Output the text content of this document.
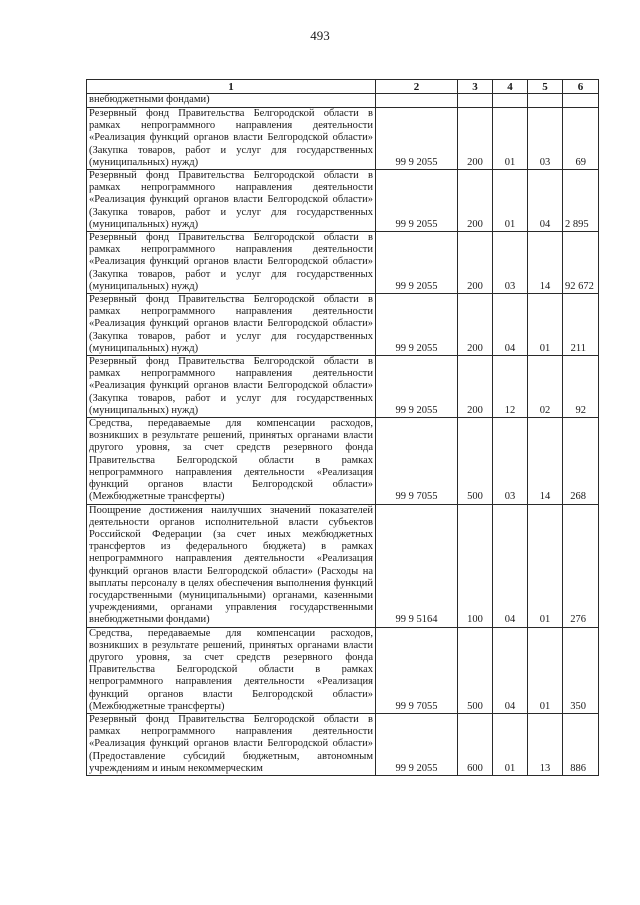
493
1	2	3	4	5	6
внебюджетными фондами)					
Резервный фонд Правительства Белгородской области в рамках непрограммного направления деятельности «Реализация функций органов власти Белгородской области» (Закупка товаров, работ и услуг для государственных (муниципальных) нужд)	99 9 2055	200	01	03	69
Резервный фонд Правительства Белгородской области в рамках непрограммного направления деятельности «Реализация функций органов власти Белгородской области» (Закупка товаров, работ и услуг для государственных (муниципальных) нужд)	99 9 2055	200	01	04	2 895
Резервный фонд Правительства Белгородской области в рамках непрограммного направления деятельности «Реализация функций органов власти Белгородской области» (Закупка товаров, работ и услуг для государственных (муниципальных) нужд)	99 9 2055	200	03	14	92 672
Резервный фонд Правительства Белгородской области в рамках непрограммного направления деятельности «Реализация функций органов власти Белгородской области» (Закупка товаров, работ и услуг для государственных (муниципальных) нужд)	99 9 2055	200	04	01	211
Резервный фонд Правительства Белгородской области в рамках непрограммного направления деятельности «Реализация функций органов власти Белгородской области» (Закупка товаров, работ и услуг для государственных (муниципальных) нужд)	99 9 2055	200	12	02	92
Средства, передаваемые для компенсации расходов, возникших в результате решений, принятых органами власти другого уровня, за счет средств резервного фонда Правительства Белгородской области в рамках непрограммного направления деятельности «Реализация функций органов власти Белгородской области» (Межбюджетные трансферты)	99 9 7055	500	03	14	268
Поощрение достижения наилучших значений показателей деятельности органов исполнительной власти субъектов Российской Федерации (за счет иных межбюджетных трансфертов из федерального бюджета) в рамках непрограммного направления деятельности «Реализация функций органов власти Белгородской области» (Расходы на выплаты персоналу в целях обеспечения выполнения функций государственными (муниципальными) органами, казенными учреждениями, органами управления государственными внебюджетными фондами)	99 9 5164	100	04	01	276
Средства, передаваемые для компенсации расходов, возникших в результате решений, принятых органами власти другого уровня, за счет средств резервного фонда Правительства Белгородской области в рамках непрограммного направления деятельности «Реализация функций органов власти Белгородской области» (Межбюджетные трансферты)	99 9 7055	500	04	01	350
Резервный фонд Правительства Белгородской области в рамках непрограммного направления деятельности «Реализация функций органов власти Белгородской области» (Предоставление субсидий бюджетным, автономным учреждениям и иным некоммерческим	99 9 2055	600	01	13	886
